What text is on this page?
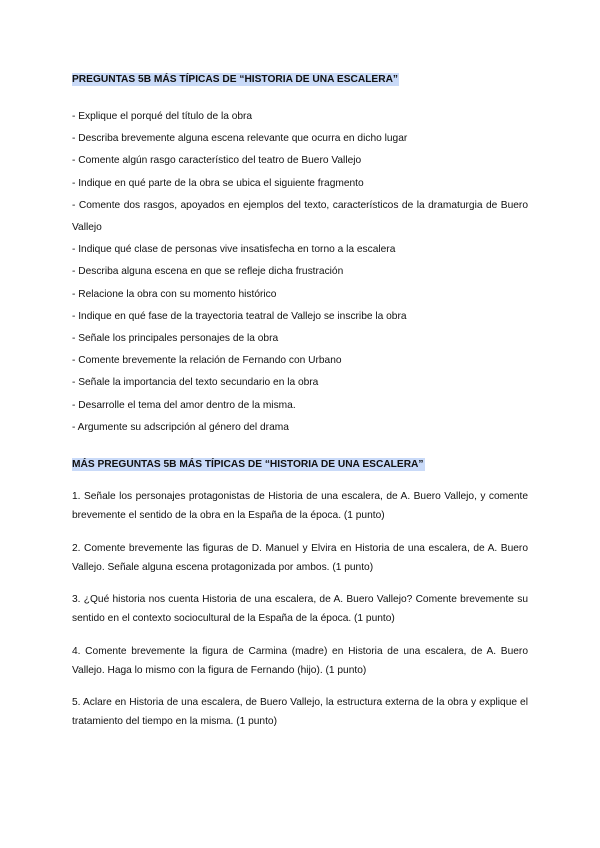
PREGUNTAS 5B MÁS TÍPICAS DE “HISTORIA DE UNA ESCALERA”
- Explique el porqué del título de la obra
- Describa brevemente alguna escena relevante que ocurra en dicho lugar
- Comente algún rasgo característico del teatro de Buero Vallejo
- Indique en qué parte de la obra se ubica el siguiente fragmento
- Comente dos rasgos, apoyados en ejemplos del texto, característicos de la dramaturgia de Buero Vallejo
- Indique qué clase de personas vive insatisfecha en torno a la escalera
- Describa alguna escena en que se refleje dicha frustración
- Relacione la obra con su momento histórico
- Indique en qué fase de la trayectoria teatral de Vallejo se inscribe la obra
- Señale los principales personajes de la obra
- Comente brevemente la relación de Fernando con Urbano
- Señale la importancia del texto secundario en la obra
- Desarrolle el tema del amor dentro de la misma.
- Argumente su adscripción al género del drama
MÁS PREGUNTAS 5B MÁS TÍPICAS DE “HISTORIA DE UNA ESCALERA”
1. Señale los personajes protagonistas de Historia de una escalera, de A. Buero Vallejo, y comente brevemente el sentido de la obra en la España de la época. (1 punto)
2. Comente brevemente las figuras de D. Manuel y Elvira en Historia de una escalera, de A. Buero Vallejo. Señale alguna escena protagonizada por ambos. (1 punto)
3. ¿Qué historia nos cuenta Historia de una escalera, de A. Buero Vallejo? Comente brevemente su sentido en el contexto sociocultural de la España de la época. (1 punto)
4. Comente brevemente la figura de Carmina (madre) en Historia de una escalera, de A. Buero Vallejo. Haga lo mismo con la figura de Fernando (hijo). (1 punto)
5. Aclare en Historia de una escalera, de Buero Vallejo, la estructura externa de la obra y explique el tratamiento del tiempo en la misma. (1 punto)
